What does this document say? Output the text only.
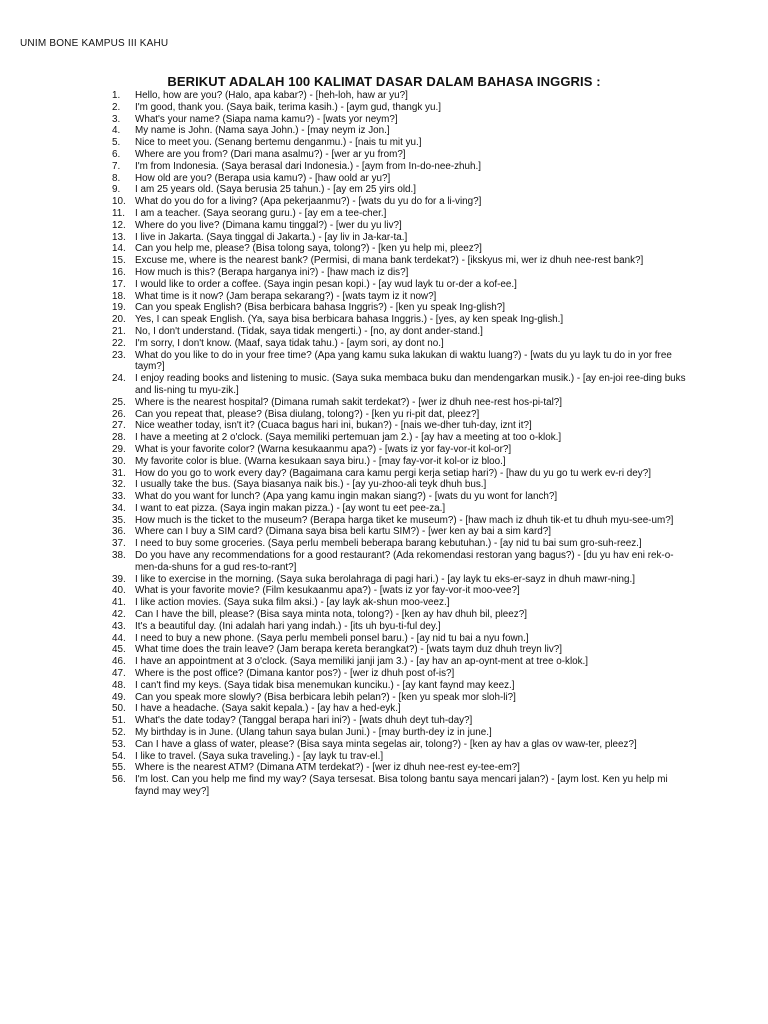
UNIM BONE KAMPUS III KAHU
BERIKUT ADALAH 100 KALIMAT DASAR DALAM BAHASA INGGRIS :
1.	Hello, how are you? (Halo, apa kabar?) - [heh-loh, haw ar yu?]
2.	I'm good, thank you. (Saya baik, terima kasih.) - [aym gud, thangk yu.]
3.	What's your name? (Siapa nama kamu?) - [wats yor neym?]
4.	My name is John. (Nama saya John.) - [may neym iz Jon.]
5.	Nice to meet you. (Senang bertemu denganmu.) - [nais tu mit yu.]
6.	Where are you from? (Dari mana asalmu?) - [wer ar yu from?]
7.	I'm from Indonesia. (Saya berasal dari Indonesia.) - [aym from In-do-nee-zhuh.]
8.	How old are you? (Berapa usia kamu?) - [haw oold ar yu?]
9.	I am 25 years old. (Saya berusia 25 tahun.) - [ay em 25 yirs old.]
10. What do you do for a living? (Apa pekerjaanmu?) - [wats du yu do for a li-ving?]
11.	I am a teacher. (Saya seorang guru.) - [ay em a tee-cher.]
12. Where do you live? (Dimana kamu tinggal?) - [wer du yu liv?]
13. I live in Jakarta. (Saya tinggal di Jakarta.) - [ay liv in Ja-kar-ta.]
14. Can you help me, please? (Bisa tolong saya, tolong?) - [ken yu help mi, pleez?]
15. Excuse me, where is the nearest bank? (Permisi, di mana bank terdekat?) - [ikskyus mi, wer iz dhuh nee-rest bank?]
16. How much is this? (Berapa harganya ini?) - [haw mach iz dis?]
17. I would like to order a coffee. (Saya ingin pesan kopi.) - [ay wud layk tu or-der a kof-ee.]
18. What time is it now? (Jam berapa sekarang?) - [wats taym iz it now?]
19. Can you speak English? (Bisa berbicara bahasa Inggris?) - [ken yu speak Ing-glish?]
20. Yes, I can speak English. (Ya, saya bisa berbicara bahasa Inggris.) - [yes, ay ken speak Ing-glish.]
21. No, I don't understand. (Tidak, saya tidak mengerti.) - [no, ay dont ander-stand.]
22. I'm sorry, I don't know. (Maaf, saya tidak tahu.) - [aym sori, ay dont no.]
23. What do you like to do in your free time? (Apa yang kamu suka lakukan di waktu luang?) - [wats du yu layk tu do in yor free taym?]
24. I enjoy reading books and listening to music. (Saya suka membaca buku dan mendengarkan musik.) - [ay en-joi ree-ding buks and lis-ning tu myu-zik.]
25. Where is the nearest hospital? (Dimana rumah sakit terdekat?) - [wer iz dhuh nee-rest hos-pi-tal?]
26. Can you repeat that, please? (Bisa diulang, tolong?) - [ken yu ri-pit dat, pleez?]
27. Nice weather today, isn't it? (Cuaca bagus hari ini, bukan?) - [nais we-dher tuh-day, iznt it?]
28. I have a meeting at 2 o'clock. (Saya memiliki pertemuan jam 2.) - [ay hav a meeting at too o-klok.]
29. What is your favorite color? (Warna kesukaanmu apa?) - [wats iz yor fay-vor-it kol-or?]
30. My favorite color is blue. (Warna kesukaan saya biru.) - [may fay-vor-it kol-or iz bloo.]
31. How do you go to work every day? (Bagaimana cara kamu pergi kerja setiap hari?) - [haw du yu go tu werk ev-ri dey?]
32. I usually take the bus. (Saya biasanya naik bis.) - [ay yu-zhoo-ali teyk dhuh bus.]
33. What do you want for lunch? (Apa yang kamu ingin makan siang?) - [wats du yu wont for lanch?]
34. I want to eat pizza. (Saya ingin makan pizza.) - [ay wont tu eet pee-za.]
35. How much is the ticket to the museum? (Berapa harga tiket ke museum?) - [haw mach iz dhuh tik-et tu dhuh myu-see-um?]
36. Where can I buy a SIM card? (Dimana saya bisa beli kartu SIM?) - [wer ken ay bai a sim kard?]
37. I need to buy some groceries. (Saya perlu membeli beberapa barang kebutuhan.) - [ay nid tu bai sum gro-suh-reez.]
38. Do you have any recommendations for a good restaurant? (Ada rekomendasi restoran yang bagus?) - [du yu hav eni rek-o-men-da-shuns for a gud res-to-rant?]
39. I like to exercise in the morning. (Saya suka berolahraga di pagi hari.) - [ay layk tu eks-er-sayz in dhuh mawr-ning.]
40. What is your favorite movie? (Film kesukaanmu apa?) - [wats iz yor fay-vor-it moo-vee?]
41. I like action movies. (Saya suka film aksi.) - [ay layk ak-shun moo-veez.]
42. Can I have the bill, please? (Bisa saya minta nota, tolong?) - [ken ay hav dhuh bil, pleez?]
43. It's a beautiful day. (Ini adalah hari yang indah.) - [its uh byu-ti-ful dey.]
44. I need to buy a new phone. (Saya perlu membeli ponsel baru.) - [ay nid tu bai a nyu fown.]
45. What time does the train leave? (Jam berapa kereta berangkat?) - [wats taym duz dhuh treyn liv?]
46. I have an appointment at 3 o'clock. (Saya memiliki janji jam 3.) - [ay hav an ap-oynt-ment at tree o-klok.]
47. Where is the post office? (Dimana kantor pos?) - [wer iz dhuh post of-is?]
48. I can't find my keys. (Saya tidak bisa menemukan kunciku.) - [ay kant faynd may keez.]
49. Can you speak more slowly? (Bisa berbicara lebih pelan?) - [ken yu speak mor sloh-li?]
50. I have a headache. (Saya sakit kepala.) - [ay hav a hed-eyk.]
51. What's the date today? (Tanggal berapa hari ini?) - [wats dhuh deyt tuh-day?]
52. My birthday is in June. (Ulang tahun saya bulan Juni.) - [may burth-dey iz in june.]
53. Can I have a glass of water, please? (Bisa saya minta segelas air, tolong?) - [ken ay hav a glas ov waw-ter, pleez?]
54. I like to travel. (Saya suka traveling.) - [ay layk tu trav-el.]
55. Where is the nearest ATM? (Dimana ATM terdekat?) - [wer iz dhuh nee-rest ey-tee-em?]
56. I'm lost. Can you help me find my way? (Saya tersesat. Bisa tolong bantu saya mencari jalan?) - [aym lost. Ken yu help mi faynd may wey?]
